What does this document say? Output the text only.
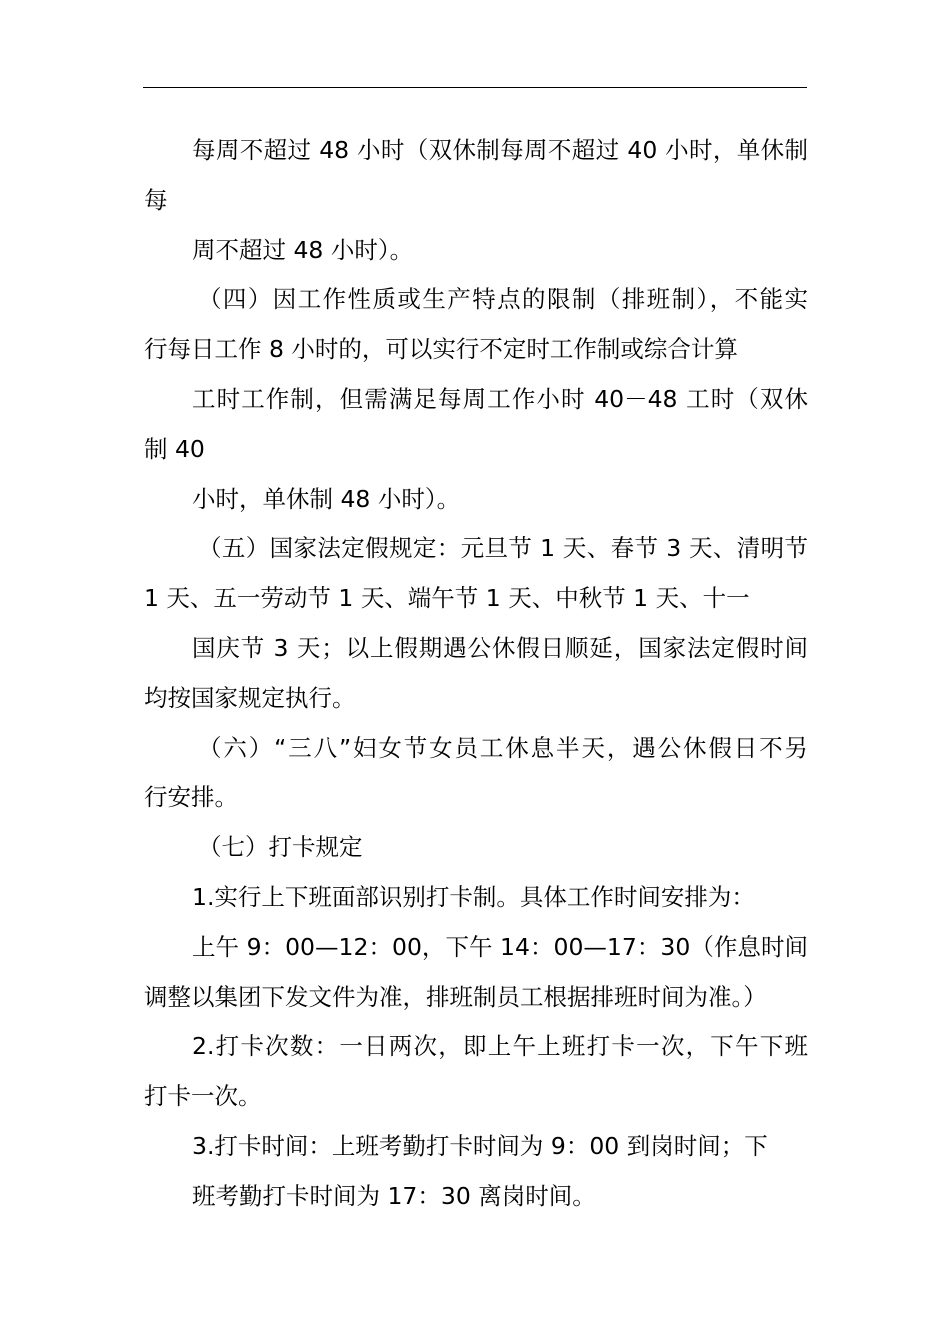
每周不超过 48 小时（双休制每周不超过 40 小时，单休制
每
周不超过 48 小时）。
（四）因工作性质或生产特点的限制（排班制），不能实
行每日工作 8 小时的，可以实行不定时工作制或综合计算
工时工作制，但需满足每周工作小时 40－48 工时（双休
制 40
小时，单休制 48 小时）。
（五）国家法定假规定：元旦节 1 天、春节 3 天、清明节
1 天、五一劳动节 1 天、端午节 1 天、中秋节 1 天、十一
国庆节 3 天；以上假期遇公休假日顺延，国家法定假时间
均按国家规定执行。
（六）“三八”妇女节女员工休息半天，遇公休假日不另
行安排。
（七）打卡规定
1.实行上下班面部识别打卡制。具体工作时间安排为：
上午 9：00—12：00，下午 14：00—17：30（作息时间
调整以集团下发文件为准，排班制员工根据排班时间为准。）
2.打卡次数：一日两次，即上午上班打卡一次，下午下班
打卡一次。
3.打卡时间：上班考勤打卡时间为 9：00 到岗时间；下
班考勤打卡时间为 17：30 离岗时间。
